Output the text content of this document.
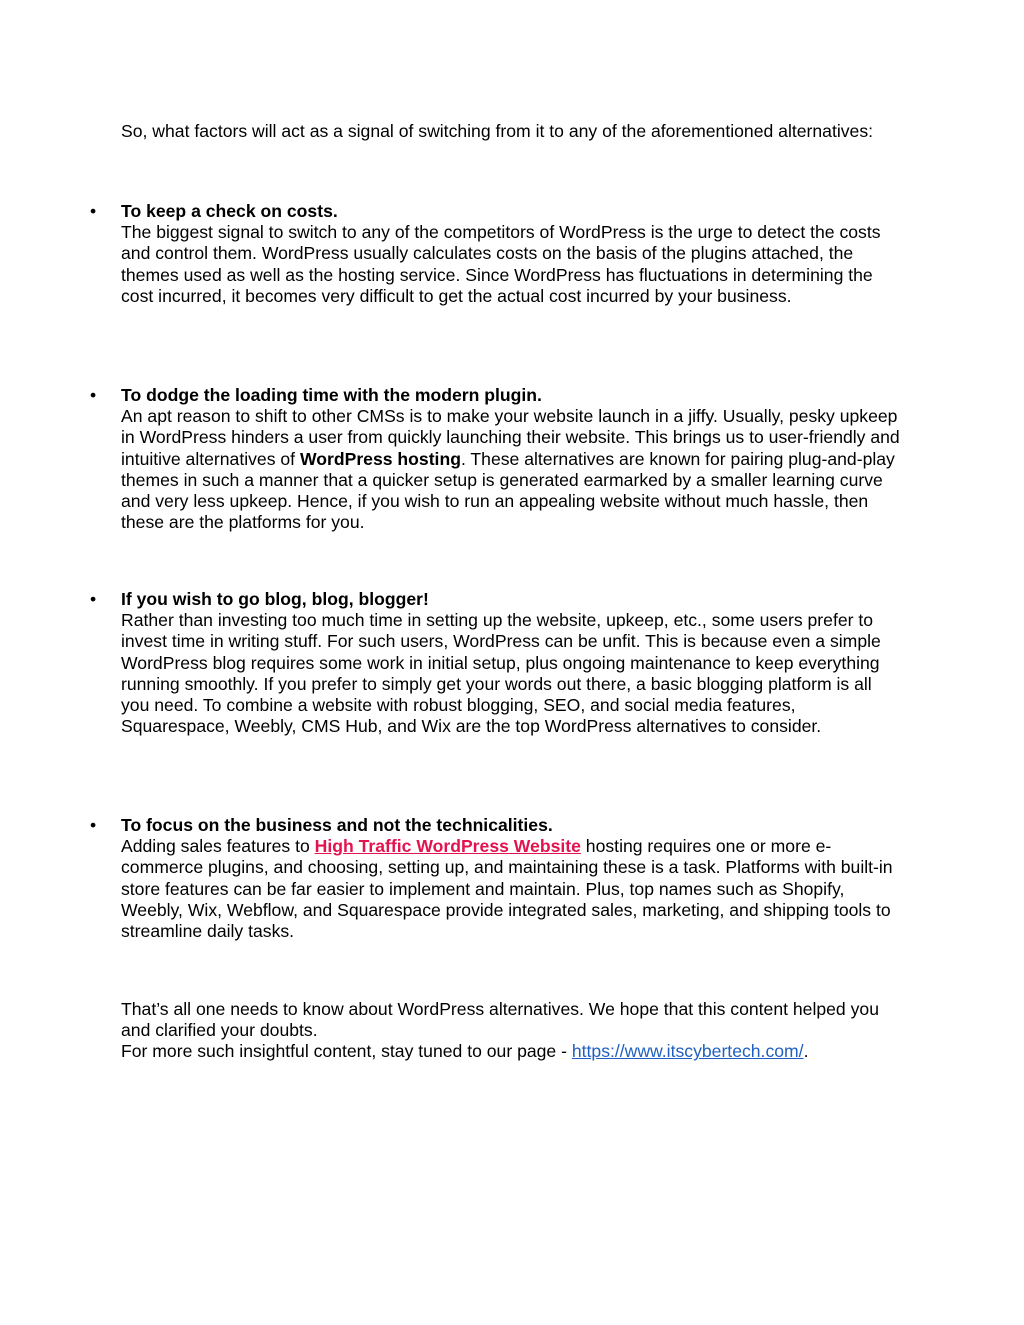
So, what factors will act as a signal of switching from it to any of the aforementioned alternatives:
• To keep a check on costs.
The biggest signal to switch to any of the competitors of WordPress is the urge to detect the costs and control them. WordPress usually calculates costs on the basis of the plugins attached, the themes used as well as the hosting service. Since WordPress has fluctuations in determining the cost incurred, it becomes very difficult to get the actual cost incurred by your business.
• To dodge the loading time with the modern plugin.
An apt reason to shift to other CMSs is to make your website launch in a jiffy. Usually, pesky upkeep in WordPress hinders a user from quickly launching their website. This brings us to user-friendly and intuitive alternatives of WordPress hosting. These alternatives are known for pairing plug-and-play themes in such a manner that a quicker setup is generated earmarked by a smaller learning curve and very less upkeep. Hence, if you wish to run an appealing website without much hassle, then these are the platforms for you.
• If you wish to go blog, blog, blogger!
Rather than investing too much time in setting up the website, upkeep, etc., some users prefer to invest time in writing stuff. For such users, WordPress can be unfit. This is because even a simple WordPress blog requires some work in initial setup, plus ongoing maintenance to keep everything running smoothly. If you prefer to simply get your words out there, a basic blogging platform is all you need. To combine a website with robust blogging, SEO, and social media features, Squarespace, Weebly, CMS Hub, and Wix are the top WordPress alternatives to consider.
• To focus on the business and not the technicalities.
Adding sales features to High Traffic WordPress Website hosting requires one or more e-commerce plugins, and choosing, setting up, and maintaining these is a task. Platforms with built-in store features can be far easier to implement and maintain. Plus, top names such as Shopify, Weebly, Wix, Webflow, and Squarespace provide integrated sales, marketing, and shipping tools to streamline daily tasks.
That’s all one needs to know about WordPress alternatives. We hope that this content helped you and clarified your doubts.
For more such insightful content, stay tuned to our page - https://www.itscybertech.com/.
